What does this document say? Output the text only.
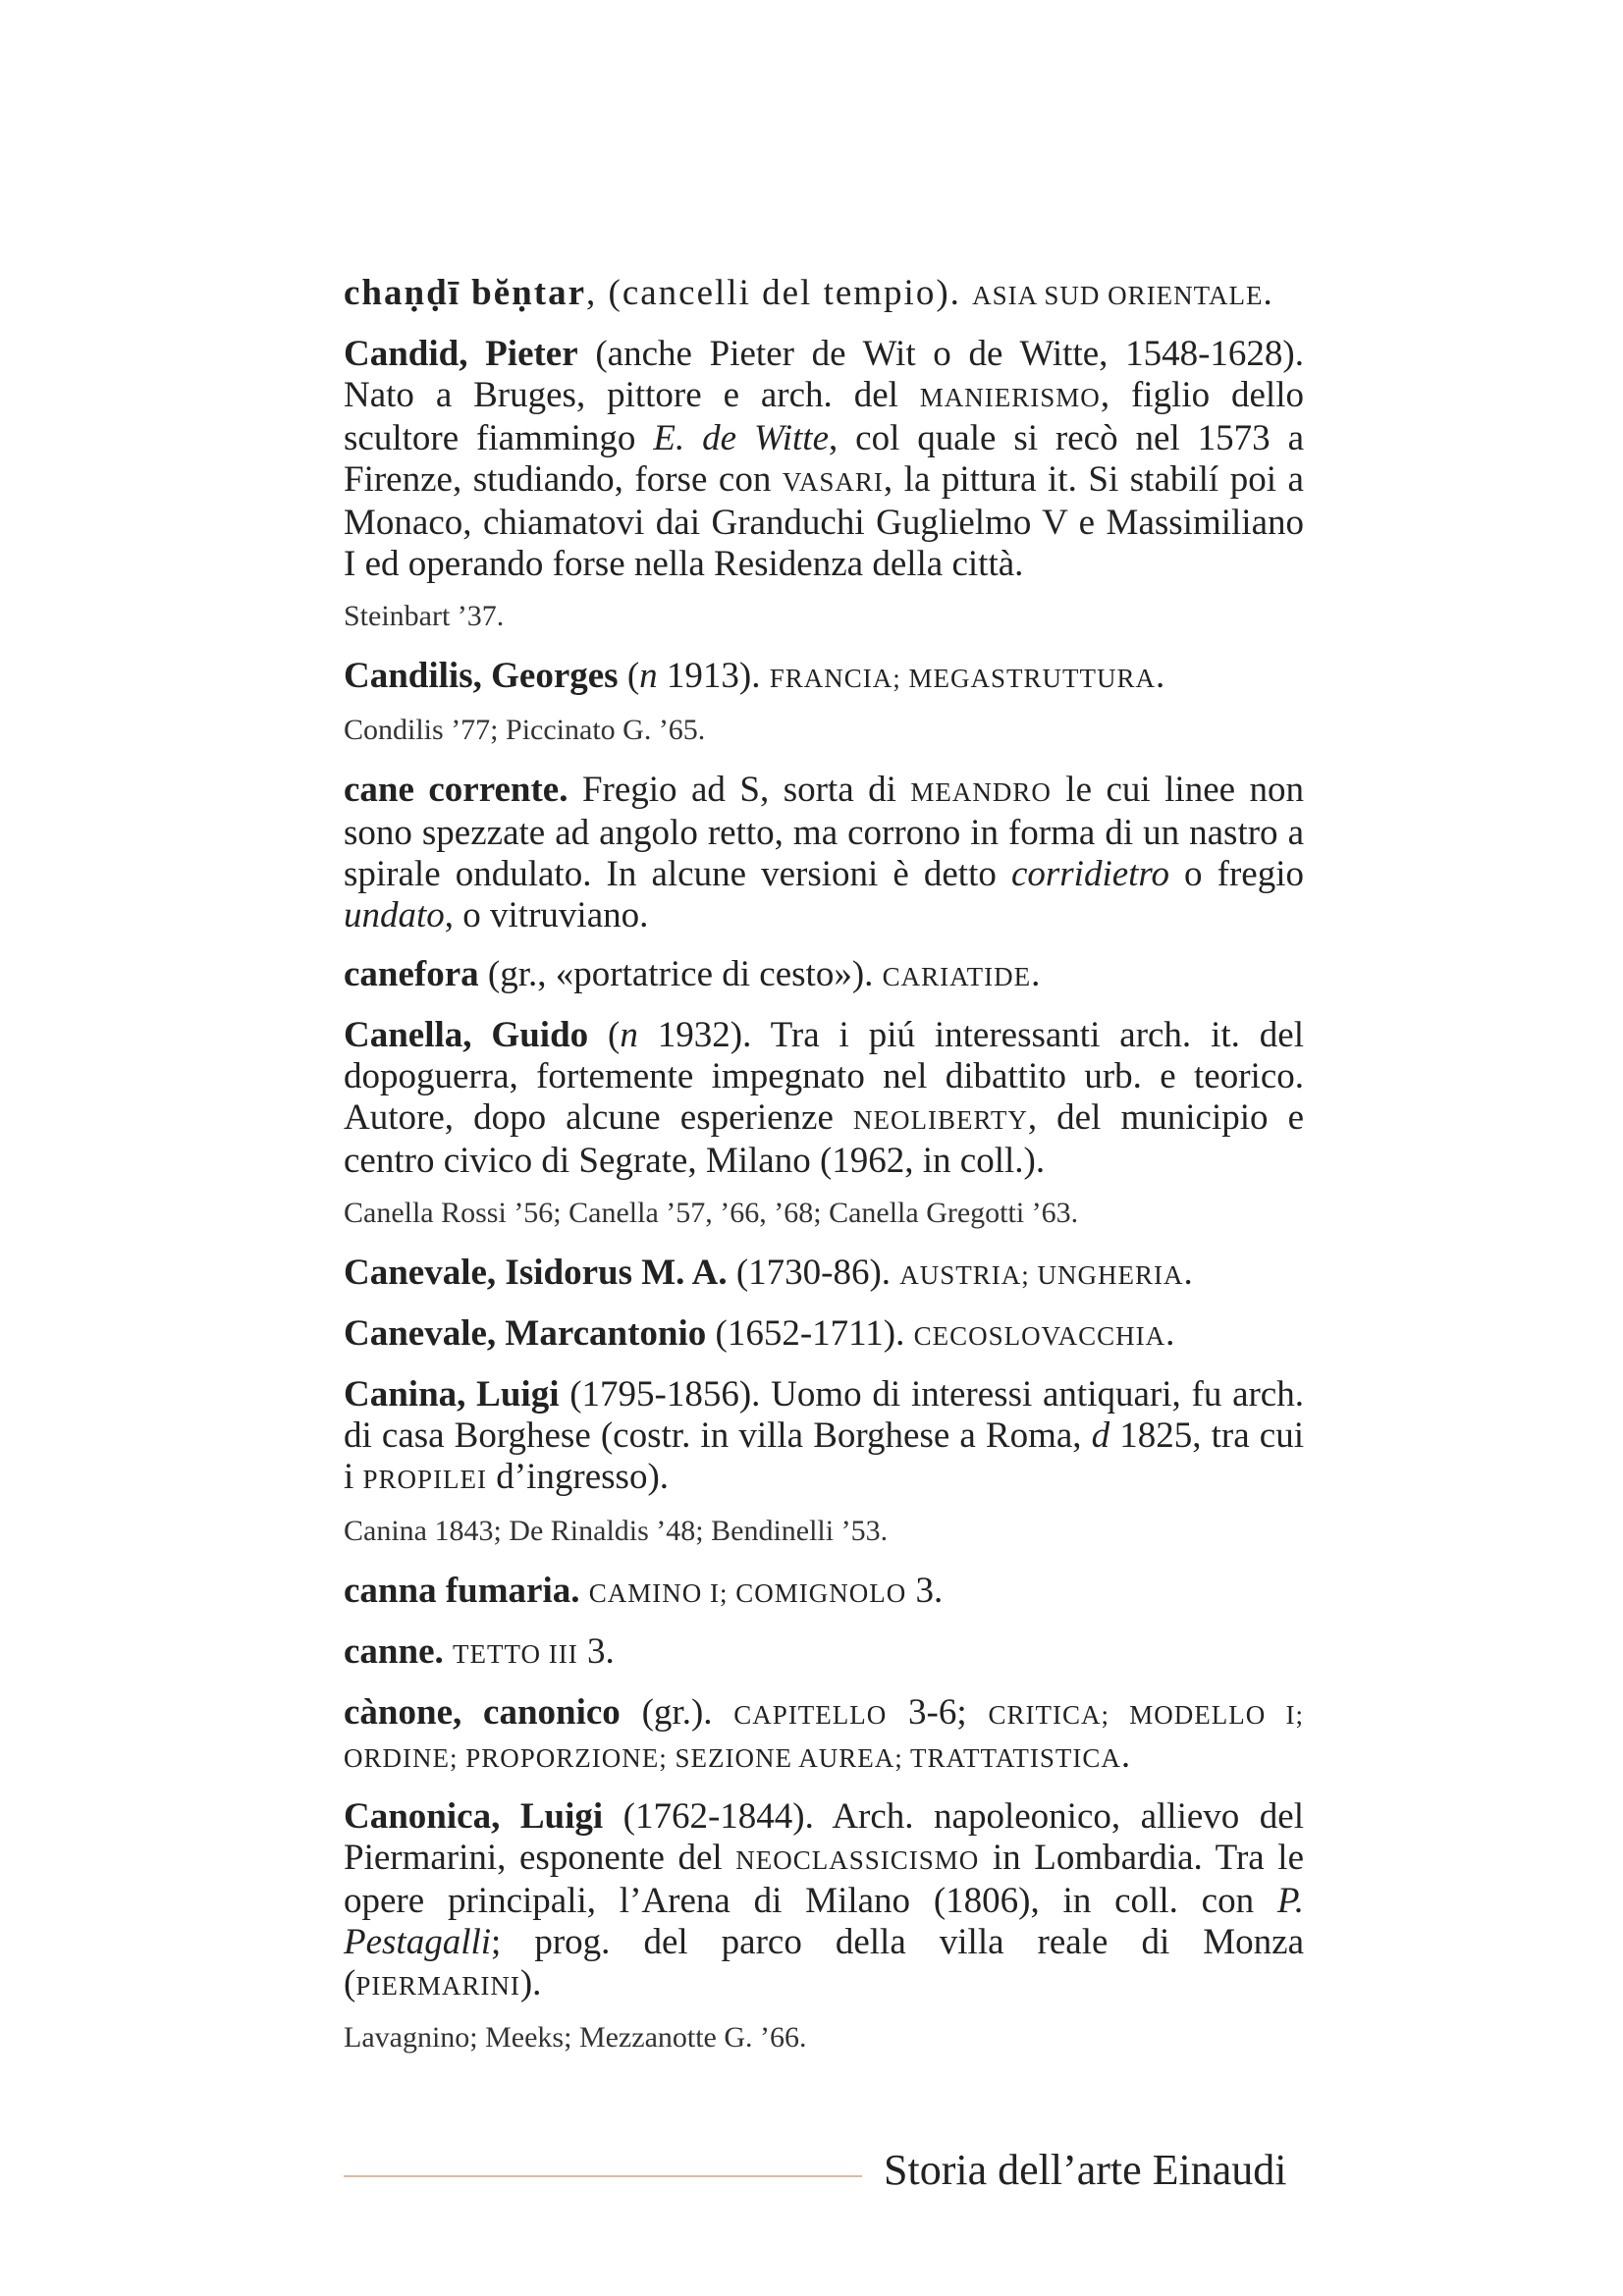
chaṇḍī bĕṇtar, (cancelli del tempio). ASIA SUD ORIENTALE.

Candid, Pieter (anche Pieter de Wit o de Witte, 1548-1628). Nato a Bruges, pittore e arch. del MANIERISMO, figlio dello scultore fiammingo E. de Witte, col quale si recò nel 1573 a Firenze, studiando, forse con VASARI, la pittura it. Si stabilí poi a Monaco, chiamatovi dai Granduchi Guglielmo V e Massimiliano I ed operando forse nella Residenza della città.

Steinbart ’37.

Candilis, Georges (n 1913). FRANCIA; MEGASTRUTTURA.

Condilis ’77; Piccinato G. ’65.

cane corrente. Fregio ad S, sorta di MEANDRO le cui linee non sono spezzate ad angolo retto, ma corrono in forma di un nastro a spirale ondulato. In alcune versioni è detto corridietro o fregio undato, o vitruviano.

canefora (gr., «portatrice di cesto»). CARIATIDE.

Canella, Guido (n 1932). Tra i piú interessanti arch. it. del dopoguerra, fortemente impegnato nel dibattito urb. e teorico. Autore, dopo alcune esperienze NEOLIBERTY, del municipio e centro civico di Segrate, Milano (1962, in coll.).

Canella Rossi ’56; Canella ’57, ’66, ’68; Canella Gregotti ’63.

Canevale, Isidorus M. A. (1730-86). AUSTRIA; UNGHERIA.

Canevale, Marcantonio (1652-1711). CECOSLOVACCHIA.

Canina, Luigi (1795-1856). Uomo di interessi antiquari, fu arch. di casa Borghese (costr. in villa Borghese a Roma, d 1825, tra cui i PROPILEI d’ingresso).

Canina 1843; De Rinaldis ’48; Bendinelli ’53.

canna fumaria. CAMINO I; COMIGNOLO 3.

canne. TETTO III 3.

cànone, canonico (gr.). CAPITELLO 3-6; CRITICA; MODELLO I; ORDINE; PROPORZIONE; SEZIONE AUREA; TRATTATISTICA.

Canonica, Luigi (1762-1844). Arch. napoleonico, allievo del Piermarini, esponente del NEOCLASSICISMO in Lombardia. Tra le opere principali, l’Arena di Milano (1806), in coll. con P. Pestagalli; prog. del parco della villa reale di Monza (PIERMARINI).

Lavagnino; Meeks; Mezzanotte G. ’66.

Storia dell’arte Einaudi
